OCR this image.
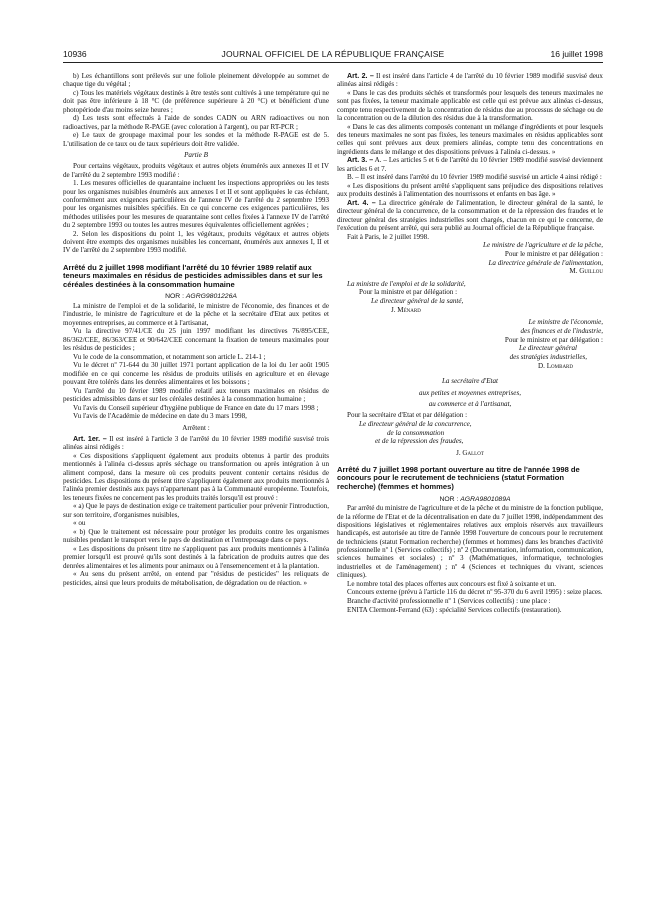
10936	JOURNAL OFFICIEL DE LA RÉPUBLIQUE FRANÇAISE	16 juillet 1998

b) Les échantillons sont prélevés sur une foliole pleinement développée au sommet de chaque tige du végétal ;

c) Tous les matériels végétaux destinés à être testés sont cultivés à une température qui ne doit pas être inférieure à 18 °C (de préférence supérieure à 20 °C) et bénéficient d'une photopériode d'au moins seize heures ;

d) Les tests sont effectués à l'aide de sondes CADN ou ARN radioactives ou non radioactives, par la méthode R-PAGE (avec coloration à l'argent), ou par RT-PCR ;

e) Le taux de groupage maximal pour les sondes et la méthode R-PAGE est de 5. L'utilisation de ce taux ou de taux supérieurs doit être validée.

Partie B

Pour certains végétaux, produits végétaux et autres objets énumérés aux annexes II et IV de l'arrêté du 2 septembre 1993 modifié :

1. Les mesures officielles de quarantaine incluent les inspections appropriées ou les tests pour les organismes nuisibles énumérés aux annexes I et II et sont appliquées le cas échéant, conformément aux exigences particulières de l'annexe IV de l'arrêté du 2 septembre 1993 pour les organismes nuisibles spécifiés. En ce qui concerne ces exigences particulières, les méthodes utilisées pour les mesures de quarantaine sont celles fixées à l'annexe IV de l'arrêté du 2 septembre 1993 ou toutes les autres mesures équivalentes officiellement agréées ;

2. Selon les dispositions du point 1, les végétaux, produits végétaux et autres objets doivent être exempts des organismes nuisibles les concernant, énumérés aux annexes I, II et IV de l'arrêté du 2 septembre 1993 modifié.

Arrêté du 2 juillet 1998 modifiant l'arrêté du 10 février 1989 relatif aux teneurs maximales en résidus de pesticides admissibles dans et sur les céréales destinées à la consommation humaine

NOR : AGRG9801226A

La ministre de l'emploi et de la solidarité, le ministre de l'économie, des finances et de l'industrie, le ministre de l'agriculture et de la pêche et la secrétaire d'Etat aux petites et moyennes entreprises, au commerce et à l'artisanat,

Vu la directive 97/41/CE du 25 juin 1997 modifiant les directives 76/895/CEE, 86/362/CEE, 86/363/CEE et 90/642/CEE concernant la fixation de teneurs maximales pour les résidus de pesticides ;

Vu le code de la consommation, et notamment son article L. 214-1 ;

Vu le décret nº 71-644 du 30 juillet 1971 portant application de la loi du 1er août 1905 modifiée en ce qui concerne les résidus de produits utilisés en agriculture et en élevage pouvant être tolérés dans les denrées alimentaires et les boissons ;

Vu l'arrêté du 10 février 1989 modifié relatif aux teneurs maximales en résidus de pesticides admissibles dans et sur les céréales destinées à la consommation humaine ;

Vu l'avis du Conseil supérieur d'hygiène publique de France en date du 17 mars 1998 ;

Vu l'avis de l'Académie de médecine en date du 3 mars 1998,

Arrêtent :

Art. 1er. – Il est inséré à l'article 3 de l'arrêté du 10 février 1989 modifié susvisé trois alinéas ainsi rédigés :

« Ces dispositions s'appliquent également aux produits obtenus à partir des produits mentionnés à l'alinéa ci-dessus après séchage ou transformation ou après intégration à un aliment composé, dans la mesure où ces produits peuvent contenir certains résidus de pesticides. Les dispositions du présent titre s'appliquent également aux produits mentionnés à l'alinéa premier destinés aux pays n'appartenant pas à la Communauté européenne. Toutefois, les teneurs fixées ne concernent pas les produits traités lorsqu'il est prouvé :

« a) Que le pays de destination exige ce traitement particulier pour prévenir l'introduction, sur son territoire, d'organismes nuisibles,

« ou

« b) Que le traitement est nécessaire pour protéger les produits contre les organismes nuisibles pendant le transport vers le pays de destination et l'entreposage dans ce pays.

« Les dispositions du présent titre ne s'appliquent pas aux produits mentionnés à l'alinéa premier lorsqu'il est prouvé qu'ils sont destinés à la fabrication de produits autres que des denrées alimentaires et les aliments pour animaux ou à l'ensemencement et à la plantation.

« Au sens du présent arrêté, on entend par "résidus de pesticides" les reliquats de pesticides, ainsi que leurs produits de métabolisation, de dégradation ou de réaction. »

Art. 2. – Il est inséré dans l'article 4 de l'arrêté du 10 février 1989 modifié susvisé deux alinéas ainsi rédigés :

« Dans le cas des produits séchés et transformés pour lesquels des teneurs maximales ne sont pas fixées, la teneur maximale applicable est celle qui est prévue aux alinéas ci-dessus, compte tenu respectivement de la concentration de résidus due au processus de séchage ou de la concentration ou de la dilution des résidus due à la transformation.

« Dans le cas des aliments composés contenant un mélange d'ingrédients et pour lesquels des teneurs maximales ne sont pas fixées, les teneurs maximales en résidus applicables sont celles qui sont prévues aux deux premiers alinéas, compte tenu des concentrations en ingrédients dans le mélange et des dispositions prévues à l'alinéa ci-dessus. »

Art. 3. – A. – Les articles 5 et 6 de l'arrêté du 10 février 1989 modifié susvisé deviennent les articles 6 et 7.

B. – Il est inséré dans l'arrêté du 10 février 1989 modifié susvisé un article 4 ainsi rédigé :

« Les dispositions du présent arrêté s'appliquent sans préjudice des dispositions relatives aux produits destinés à l'alimentation des nourrissons et enfants en bas âge. »

Art. 4. – La directrice générale de l'alimentation, le directeur général de la santé, le directeur général de la concurrence, de la consommation et de la répression des fraudes et le directeur général des stratégies industrielles sont chargés, chacun en ce qui le concerne, de l'exécution du présent arrêté, qui sera publié au Journal officiel de la République française.

Fait à Paris, le 2 juillet 1998.

Le ministre de l'agriculture et de la pêche,

Pour le ministre et par délégation :

La directrice générale de l'alimentation,

M. Guillou

La ministre de l'emploi et de la solidarité,

Pour la ministre et par délégation :

Le directeur général de la santé,

J. Ménard

Le ministre de l'économie,

des finances et de l'industrie,

Pour le ministre et par délégation :

Le directeur général

des stratégies industrielles,

D. Lombard

La secrétaire d'Etat

aux petites et moyennes entreprises,

au commerce et à l'artisanat,

Pour la secrétaire d'Etat et par délégation :

Le directeur général de la concurrence,

de la consommation

et de la répression des fraudes,

J. Gallot

Arrêté du 7 juillet 1998 portant ouverture au titre de l'année 1998 de concours pour le recrutement de techniciens (statut Formation recherche) (femmes et hommes)

NOR : AGRA9801089A

Par arrêté du ministre de l'agriculture et de la pêche et du ministre de la fonction publique, de la réforme de l'Etat et de la décentralisation en date du 7 juillet 1998, indépendamment des dispositions législatives et réglementaires relatives aux emplois réservés aux travailleurs handicapés, est autorisée au titre de l'année 1998 l'ouverture de concours pour le recrutement de techniciens (statut Formation recherche) (femmes et hommes) dans les branches d'activité professionnelle nº 1 (Services collectifs) ; nº 2 (Documentation, information, communication, sciences humaines et sociales) ; nº 3 (Mathématiques, informatique, technologies industrielles et de l'aménagement) ; nº 4 (Sciences et techniques du vivant, sciences cliniques).

Le nombre total des places offertes aux concours est fixé à soixante et un.

Concours externe (prévu à l'article 116 du décret nº 95-370 du 6 avril 1995) : seize places.

Branche d'activité professionnelle nº 1 (Services collectifs) : une place :

ENITA Clermont-Ferrand (63) : spécialité Services collectifs (restauration).
